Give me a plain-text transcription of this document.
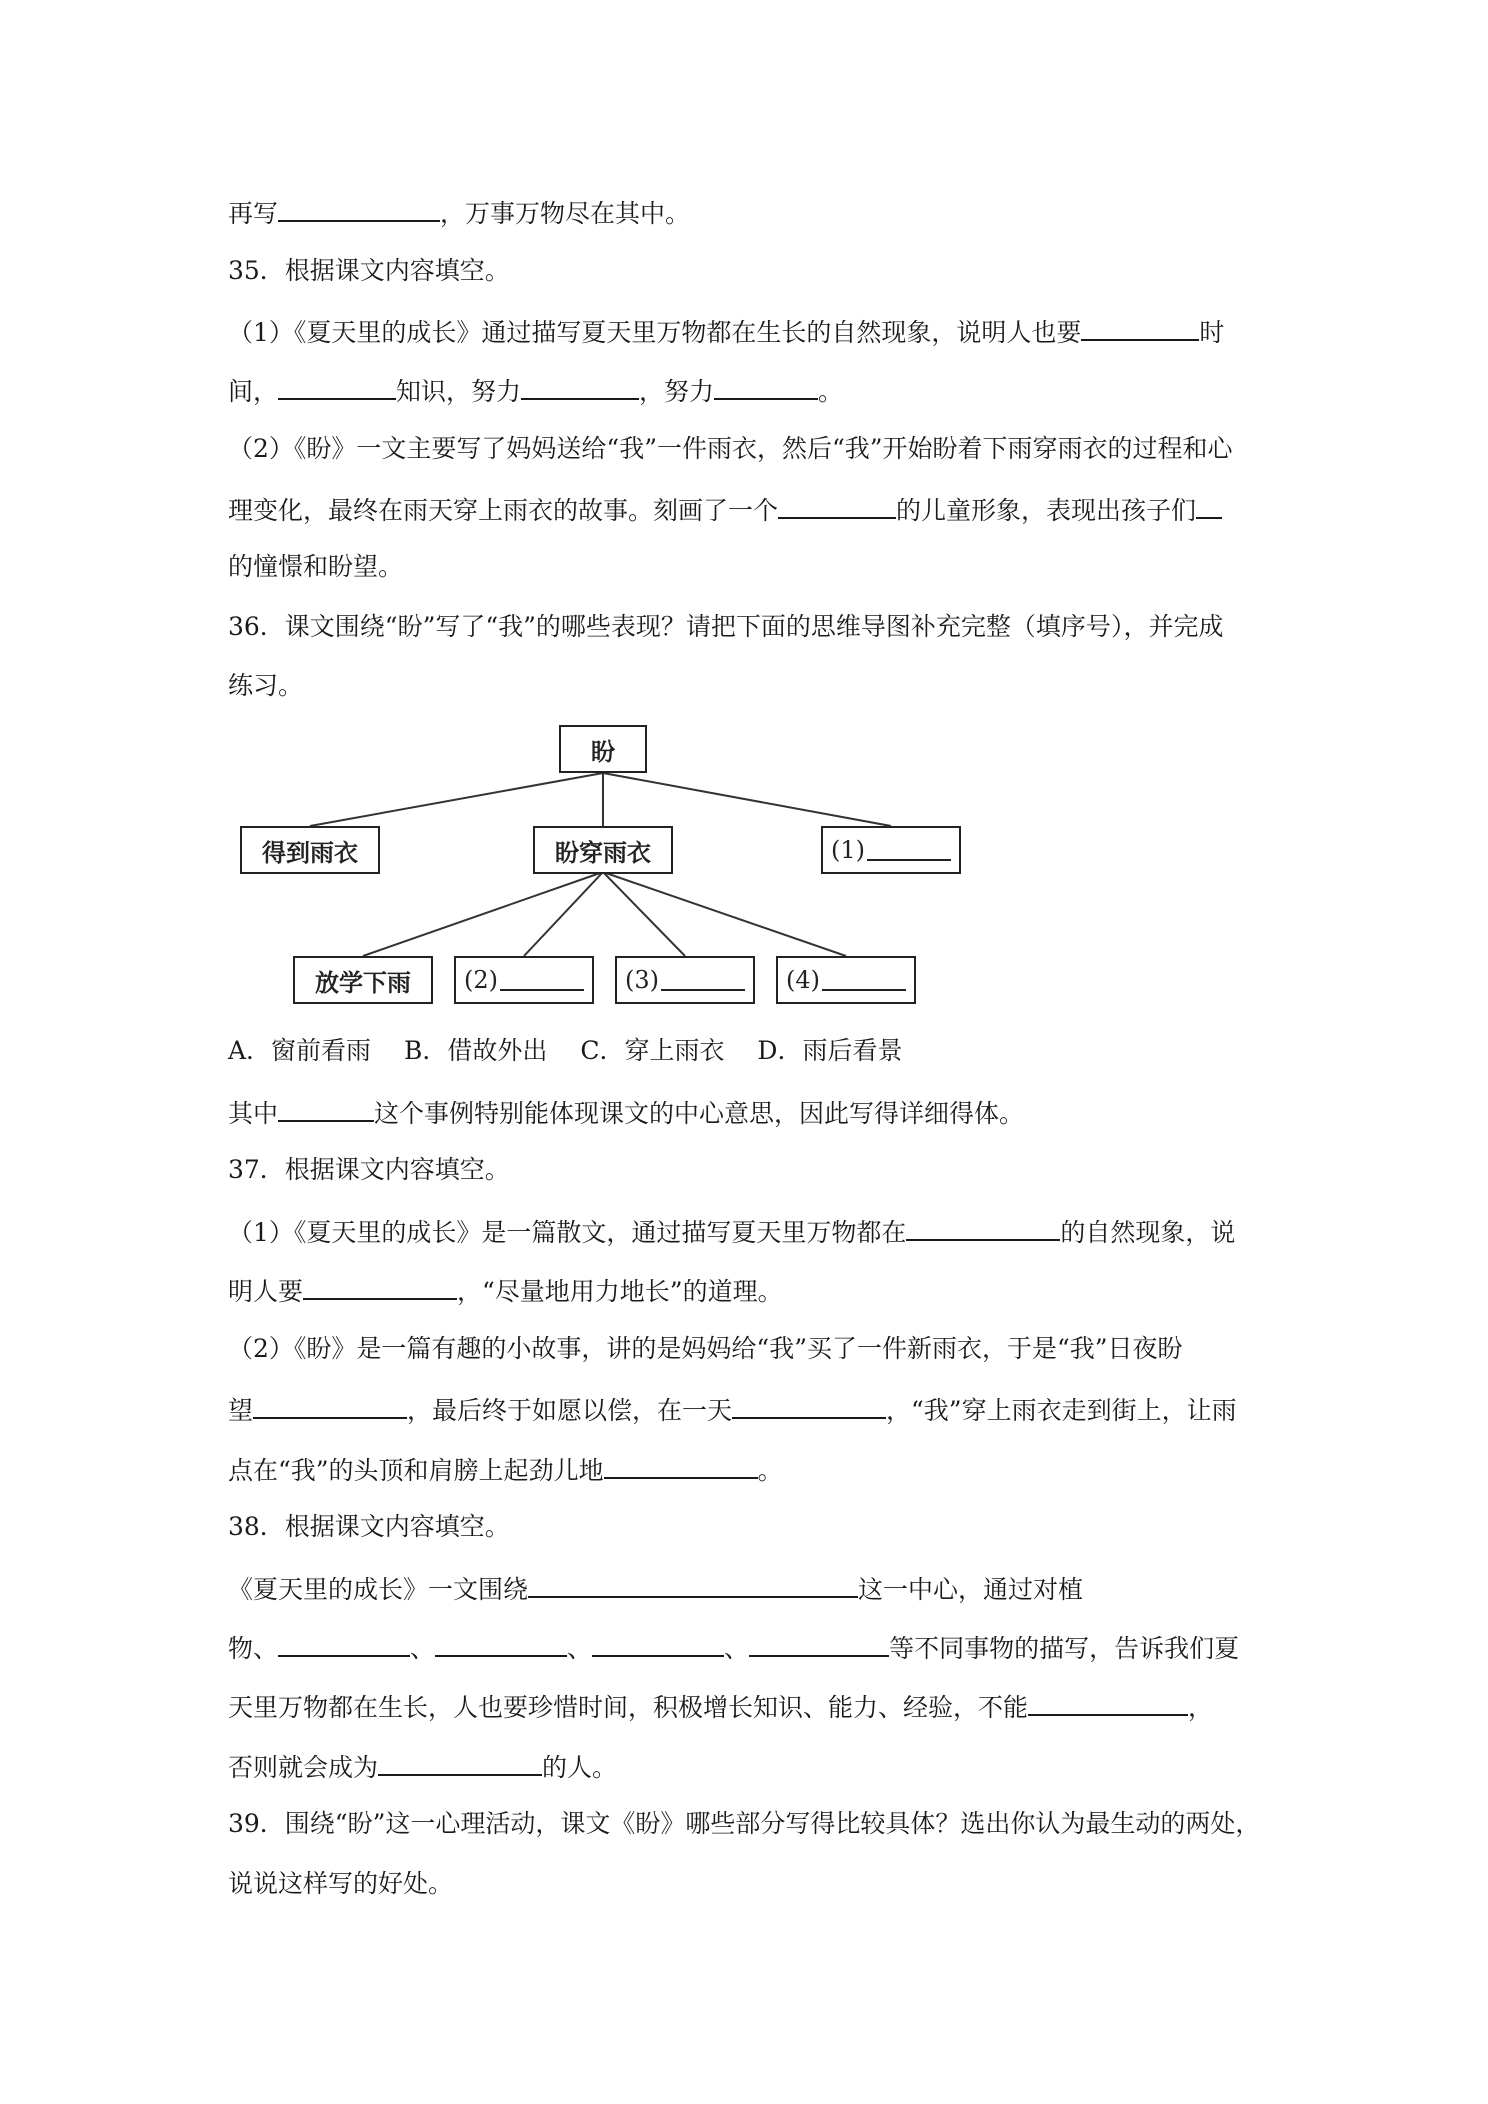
再写	，万事万物尽在其中。
35．根据课文内容填空。
（1）《夏天里的成长》通过描写夏天里万物都在生长的自然现象，说明人也要	时
间，	知识，努力	，努力	。
（2）《盼》一文主要写了妈妈送给“我”一件雨衣，然后“我”开始盼着下雨穿雨衣的过程和心
理变化，最终在雨天穿上雨衣的故事。刻画了一个	的儿童形象，表现出孩子们
的憧憬和盼望。
36．课文围绕“盼”写了“我”的哪些表现？请把下面的思维导图补充完整（填序号），并完成
练习。
盼
得到雨衣	盼穿雨衣	(1)
放学下雨 (2)	(3)	(4)
A．窗前看雨　 B．借故外出　 C．穿上雨衣　 D．雨后看景
其中	这个事例特别能体现课文的中心意思，因此写得详细得体。
37．根据课文内容填空。
（1）《夏天里的成长》是一篇散文，通过描写夏天里万物都在	的自然现象，说
明人要	，“尽量地用力地长”的道理。
（2）《盼》是一篇有趣的小故事，讲的是妈妈给“我”买了一件新雨衣，于是“我”日夜盼
望	，最后终于如愿以偿，在一天	，“我”穿上雨衣走到街上，让雨
点在“我”的头顶和肩膀上起劲儿地	。
38．根据课文内容填空。
《夏天里的成长》一文围绕	这一中心，通过对植
物、	、	、	、	等不同事物的描写，告诉我们夏
天里万物都在生长，人也要珍惜时间，积极增长知识、能力、经验，不能	，
否则就会成为	的人。
39．围绕“盼”这一心理活动，课文《盼》哪些部分写得比较具体？选出你认为最生动的两处，
说说这样写的好处。
